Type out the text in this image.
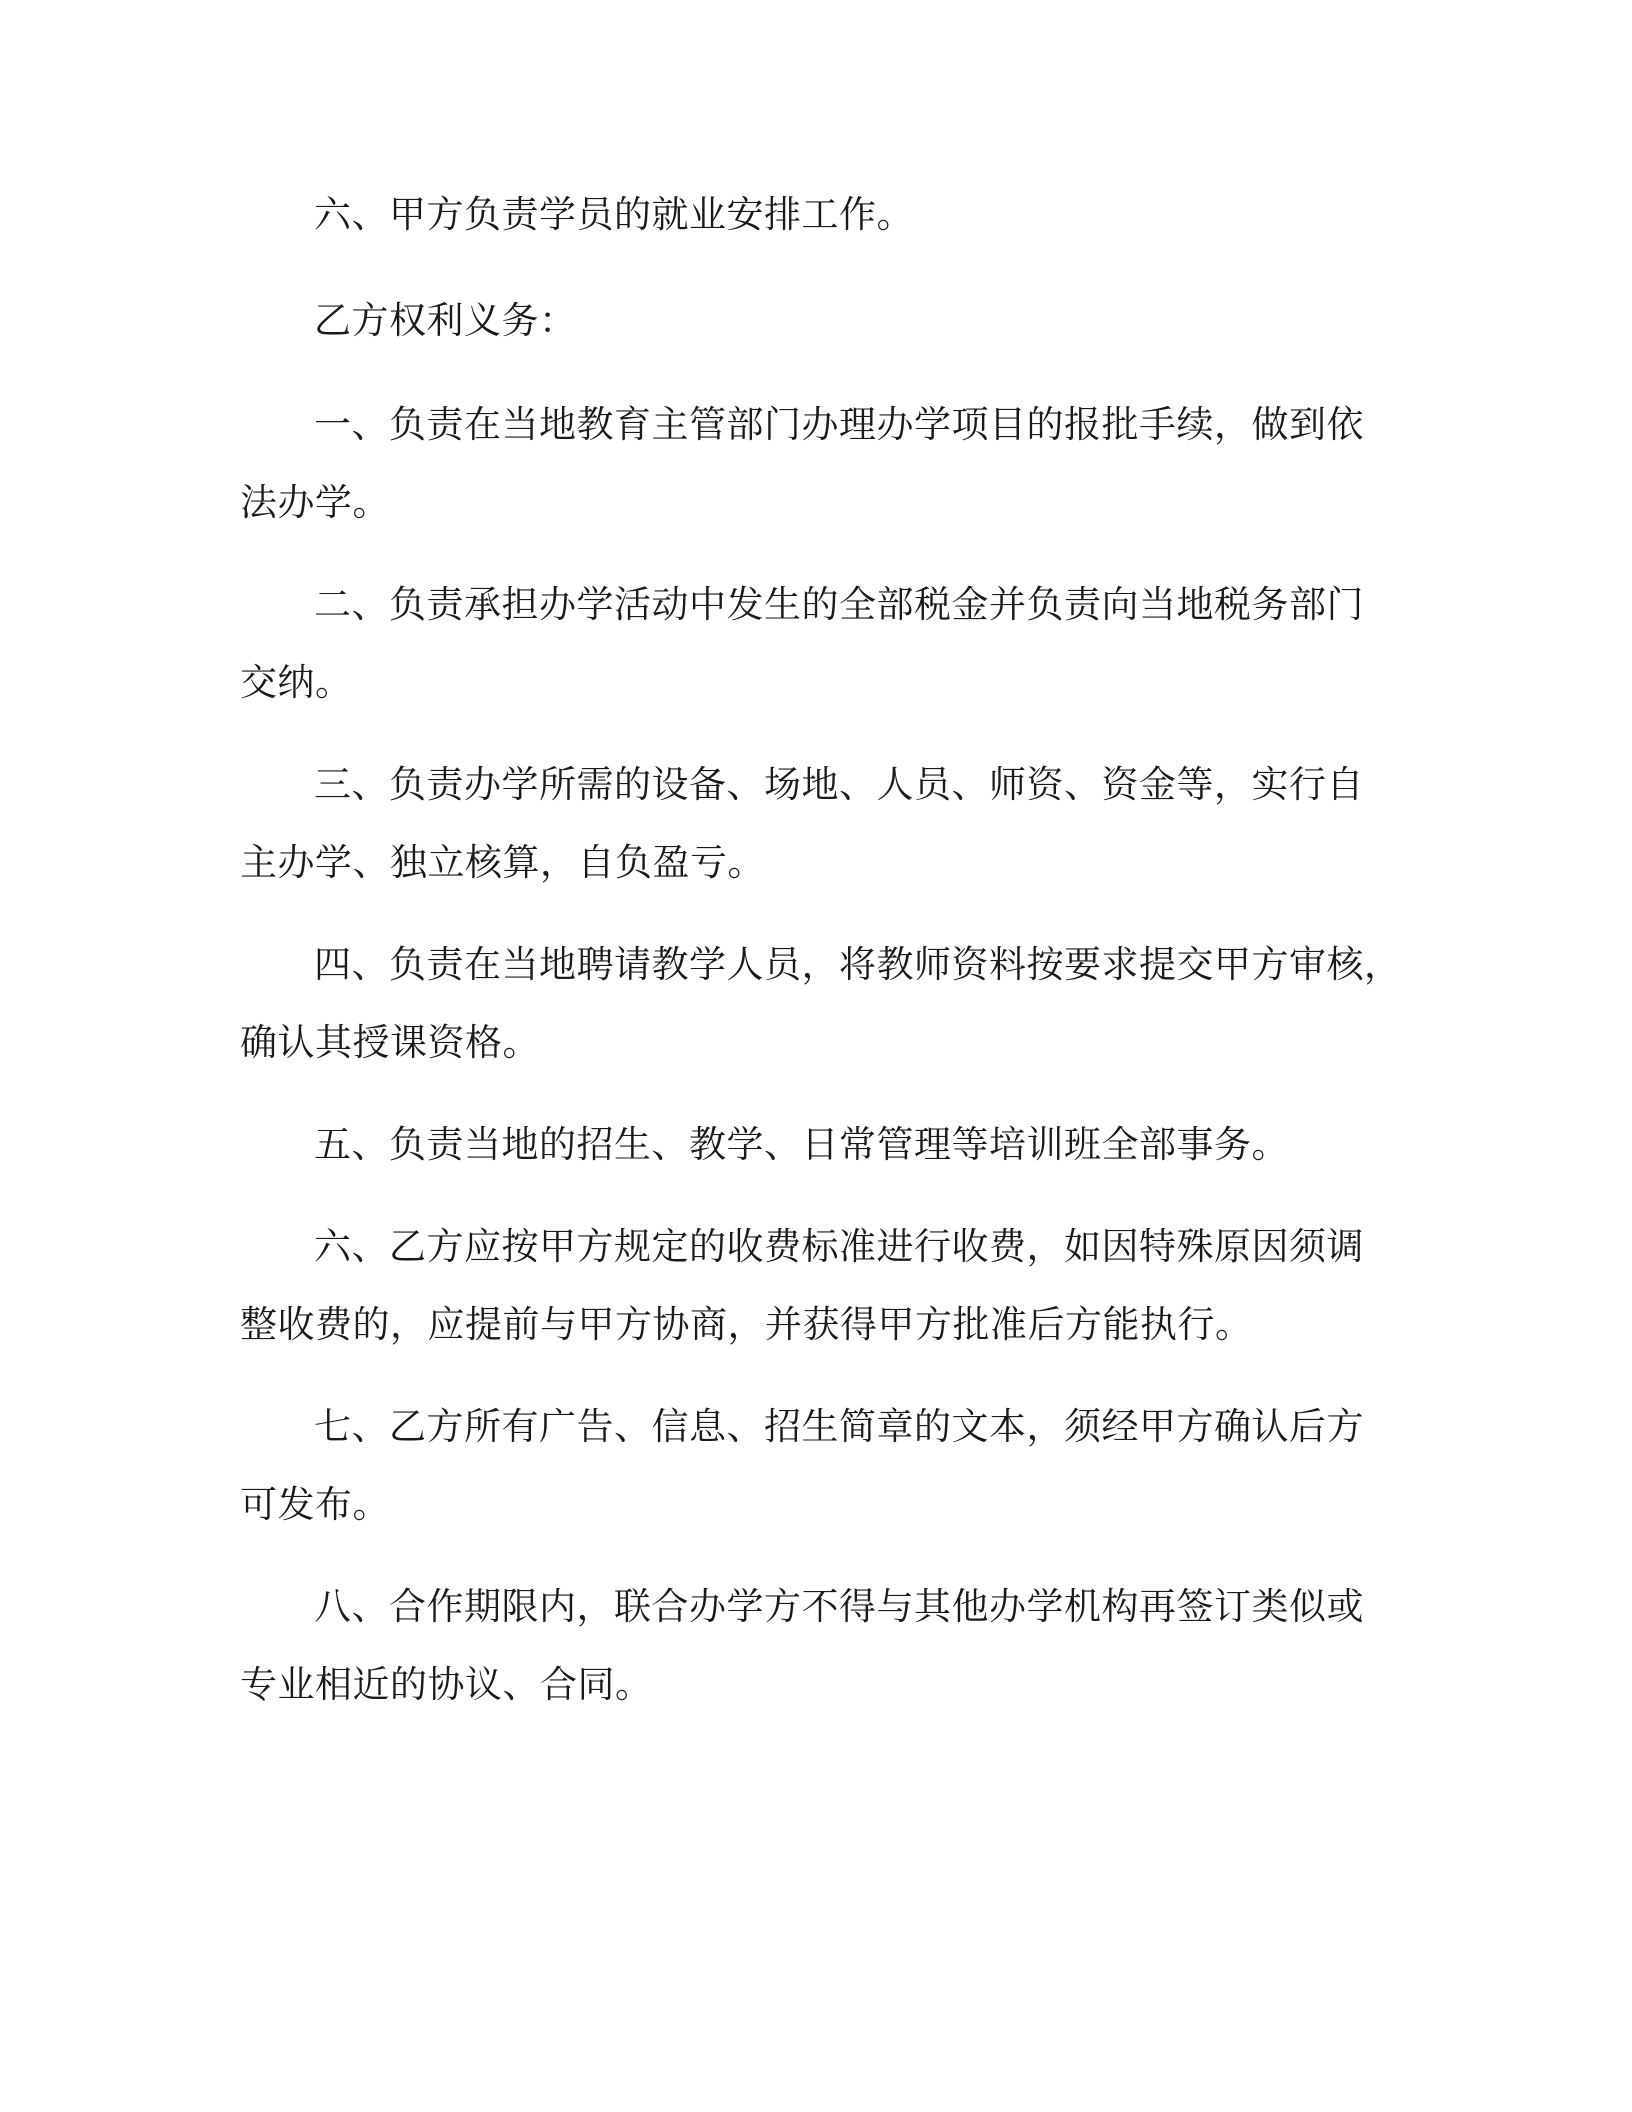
六、甲方负责学员的就业安排工作。

乙方权利义务：

一、负责在当地教育主管部门办理办学项目的报批手续，做到依
法办学。

二、负责承担办学活动中发生的全部税金并负责向当地税务部门
交纳。

三、负责办学所需的设备、场地、人员、师资、资金等，实行自
主办学、独立核算，自负盈亏。

四、负责在当地聘请教学人员，将教师资料按要求提交甲方审核，
确认其授课资格。

五、负责当地的招生、教学、日常管理等培训班全部事务。

六、乙方应按甲方规定的收费标准进行收费，如因特殊原因须调
整收费的，应提前与甲方协商，并获得甲方批准后方能执行。

七、乙方所有广告、信息、招生简章的文本，须经甲方确认后方
可发布。

八、合作期限内，联合办学方不得与其他办学机构再签订类似或
专业相近的协议、合同。
